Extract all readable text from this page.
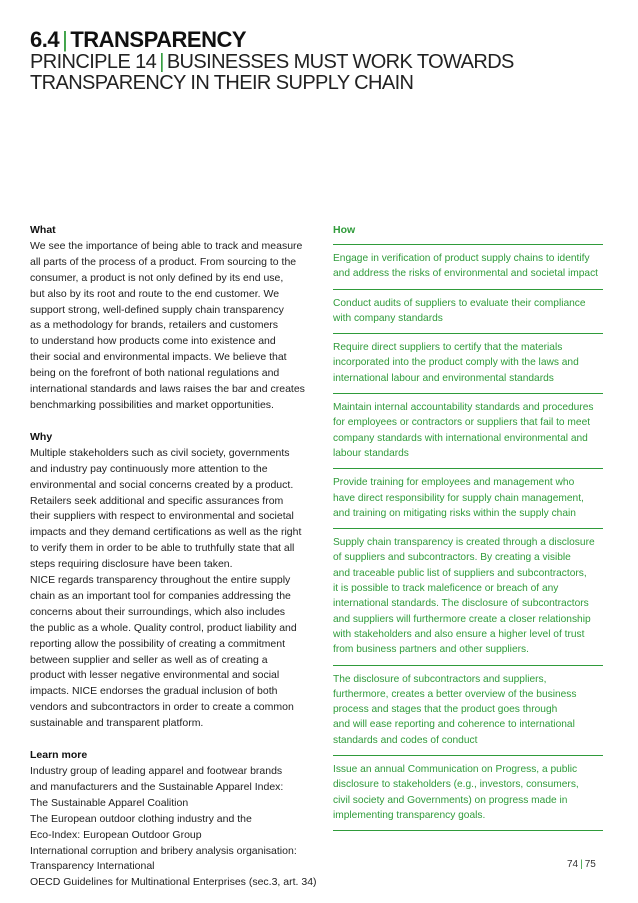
6.4 | TRANSPARENCY
PRINCIPLE 14 | BUSINESSES MUST WORK TOWARDS
TRANSPARENCY IN THEIR SUPPLY CHAIN
What
We see the importance of being able to track and measure
all parts of the process of a product. From sourcing to the
consumer, a product is not only defined by its end use,
but also by its root and route to the end customer. We
support strong, well-defined supply chain transparency
as a methodology for brands, retailers and customers
to understand how products come into existence and
their social and environmental impacts. We believe that
being on the forefront of both national regulations and
international standards and laws raises the bar and creates
benchmarking possibilities and market opportunities.
Why
Multiple stakeholders such as civil society, governments
and industry pay continuously more attention to the
environmental and social concerns created by a product.
Retailers seek additional and specific assurances from
their suppliers with respect to environmental and societal
impacts and they demand certifications as well as the right
to verify them in order to be able to truthfully state that all
steps requiring disclosure have been taken.
NICE regards transparency throughout the entire supply
chain as an important tool for companies addressing the
concerns about their surroundings, which also includes
the public as a whole. Quality control, product liability and
reporting allow the possibility of creating a commitment
between supplier and seller as well as of creating a
product with lesser negative environmental and social
impacts. NICE endorses the gradual inclusion of both
vendors and subcontractors in order to create a common
sustainable and transparent platform.
Learn more
Industry group of leading apparel and footwear brands
and manufacturers and the Sustainable Apparel Index:
The Sustainable Apparel Coalition
The European outdoor clothing industry and the
Eco-Index: European Outdoor Group
International corruption and bribery analysis organisation:
Transparency International
OECD Guidelines for Multinational Enterprises (sec.3, art. 34)
How
Engage in verification of product supply chains to identify
and address the risks of environmental and societal impact
Conduct audits of suppliers to evaluate their compliance
with company standards
Require direct suppliers to certify that the materials
incorporated into the product comply with the laws and
international labour and environmental standards
Maintain internal accountability standards and procedures
for employees or contractors or suppliers that fail to meet
company standards with international environmental and
labour standards
Provide training for employees and management who
have direct responsibility for supply chain management,
and training on mitigating risks within the supply chain
Supply chain transparency is created through a disclosure
of suppliers and subcontractors. By creating a visible
and traceable public list of suppliers and subcontractors,
it is possible to track maleficence or breach of any
international standards. The disclosure of subcontractors
and suppliers will furthermore create a closer relationship
with stakeholders and also ensure a higher level of trust
from business partners and other suppliers.
The disclosure of subcontractors and suppliers,
furthermore, creates a better overview of the business
process and stages that the product goes through
and will ease reporting and coherence to international
standards and codes of conduct
Issue an annual Communication on Progress, a public
disclosure to stakeholders (e.g., investors, consumers,
civil society and Governments) on progress made in
implementing transparency goals.
74 | 75
